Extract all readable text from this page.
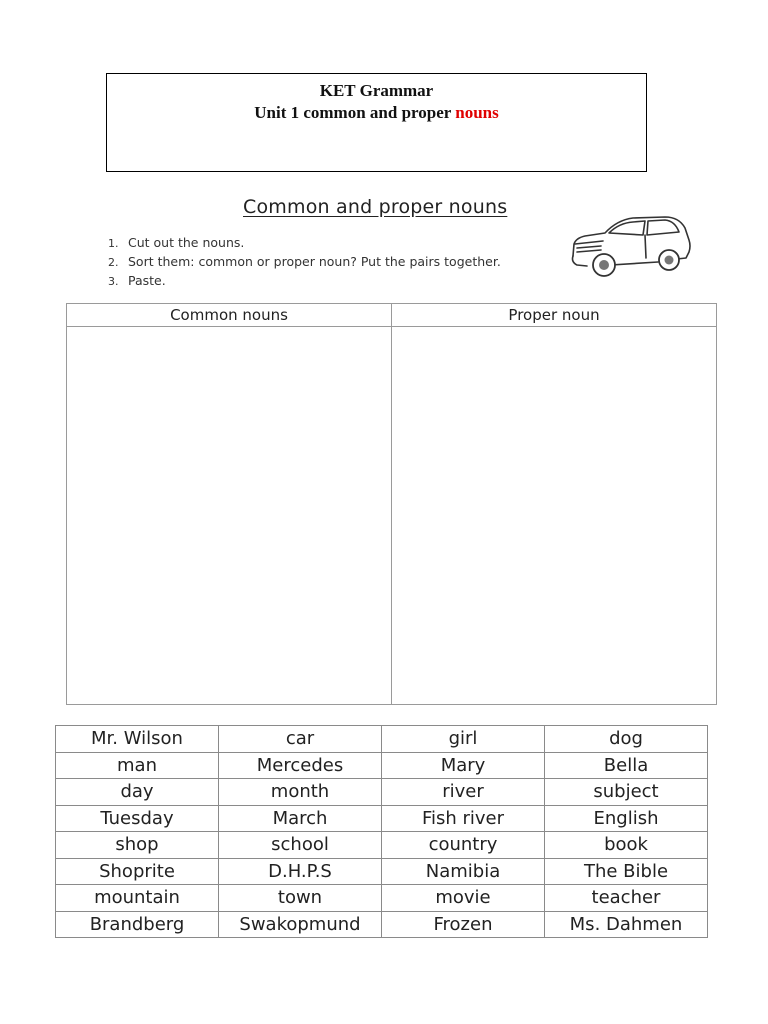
KET Grammar
Unit 1 common and proper nouns
Common and proper nouns
1. Cut out the nouns.
2. Sort them: common or proper noun? Put the pairs together.
3. Paste.
Common nouns	Proper noun

Mr. Wilson	car	girl	dog
man	Mercedes	Mary	Bella
day	month	river	subject
Tuesday	March	Fish river	English
shop	school	country	book
Shoprite	D.H.P.S	Namibia	The Bible
mountain	town	movie	teacher
Brandberg	Swakopmund	Frozen	Ms. Dahmen
